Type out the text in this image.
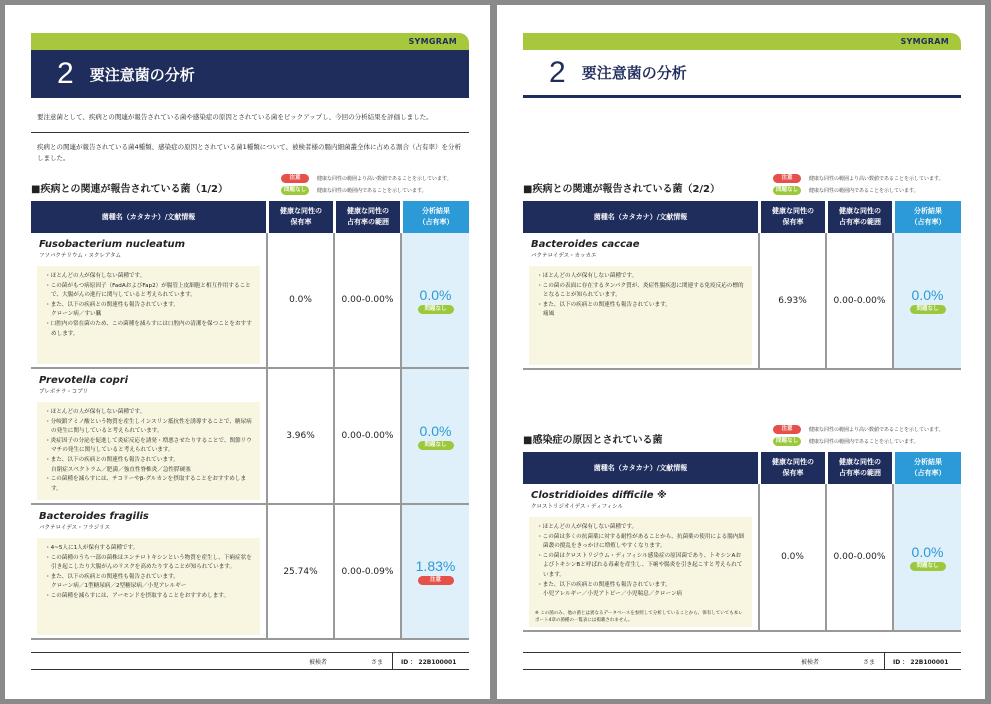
SYMGRAM
2 要注意菌の分析
要注意菌として、疾病との関連が報告されている菌や感染症の原因とされている菌をピックアップし、今回の分析結果を評価しました。
疾病との関連が報告されている菌4種類、感染症の原因とされている菌1種類について、被検者様の腸内細菌叢全体に占める割合（占有率）を分析しました。
■疾病との関連が報告されている菌（1/2）
注意	健康な同性の範囲より高い数値であることを示しています。
問題なし	健康な同性の範囲内であることを示しています。
菌種名（カタカナ）/文献情報
健康な同性の
保有率
健康な同性の
占有率の範囲
分析結果
（占有率）
Fusobacterium nucleatum
フソバクテリウム・ヌクレアタム
・ ほとんどの人が保有しない菌種です。
・ この菌がもつ病原因子（FadAおよびFap2）が腸管上皮細胞と相互作用することで、大腸がんの進行に関与していると考えられています。
・ また、以下の疾病との関連性も報告されています。
クローン病／すい臓
・ 口腔内の常在菌のため、この菌種を減らすには口腔内の清潔を保つことをおすすめします。
0.0%	0.00-0.00%	0.0%
問題なし
Prevotella copri
プレボテラ・コプリ
・ ほとんどの人が保有しない菌種です。
・ 分岐鎖アミノ酸という物質を産生しインスリン抵抗性を誘導することで、糖尿病の発生に関与していると考えられています。
・ 炎症因子の分泌を促進して炎症反応を誘発・増悪させたりすることで、関節リウマチの発生に関与していると考えられています。
・ また、以下の疾病との関連性も報告されています。
自閉症スペクトラム／肥満／強直性脊椎炎／急性膵硬塞
・ この菌種を減らすには、チコリーやβ-グルカンを摂取することをおすすめします。
3.96%	0.00-0.00%	0.0%
問題なし
Bacteroides fragilis
バクテロイデス・フラジリス
・ 4~5人に1人が保有する菌種です。
・ この菌種のうち一部の菌株はエンテロトキシンという物質を産生し、下痢症状を引き起こしたり大腸がんのリスクを高めたりすることが知られています。
・ また、以下の疾病との関連性も報告されています。
クローン病／1型糖尿病／2型糖尿病／小児アレルギー
・ この菌種を減らすには、アーモンドを摂取することをおすすめします。
25.74%	0.00-0.09%	1.83%
注意
被検者	さま	ID ： 22B100001
SYMGRAM
2 要注意菌の分析
■疾病との関連が報告されている菌（2/2）
注意	健康な同性の範囲より高い数値であることを示しています。
問題なし	健康な同性の範囲内であることを示しています。
菌種名（カタカナ）/文献情報
健康な同性の
保有率
健康な同性の
占有率の範囲
分析結果
（占有率）
Bacteroides caccae
バクテロイデス・カッカエ
・ ほとんどの人が保有しない菌種です。
・ この菌の表面に存在するタンパク質が、炎症性腸疾患に関連する免疫反応の標的となることが知られています。
・ また、以下の疾病との関連性も報告されています。
痛風
6.93%	0.00-0.00%	0.0%
問題なし
■感染症の原因とされている菌
注意	健康な同性の範囲より高い数値であることを示しています。
問題なし	健康な同性の範囲内であることを示しています。
菌種名（カタカナ）/文献情報
健康な同性の
保有率
健康な同性の
占有率の範囲
分析結果
（占有率）
Clostridioides difficile ※
クロストリジオイデス・ディフィシル
・ ほとんどの人が保有しない菌種です。
・ この菌は多くの抗菌薬に対する耐性があることから、抗菌薬の使用による腸内細菌叢の撹乱をきっかけに増殖しやすくなります。
・ この菌はクロストリジウム・ディフィシル感染症の原因菌であり、トキシンAおよびトキシンBと呼ばれる毒素を産生し、下痢や腸炎を引き起こすと考えられています。
・ また、以下の疾病との関連性も報告されています。
小児アレルギー／小児アトピー／小児喘息／クローン病
※ この菌のみ、他の菌とは異なるデータベースを参照して分析していることから、保有していても本レポート4章の菌種の一覧表には掲載されません。
0.0%	0.00-0.00%	0.0%
問題なし
被検者	さま	ID ： 22B100001
